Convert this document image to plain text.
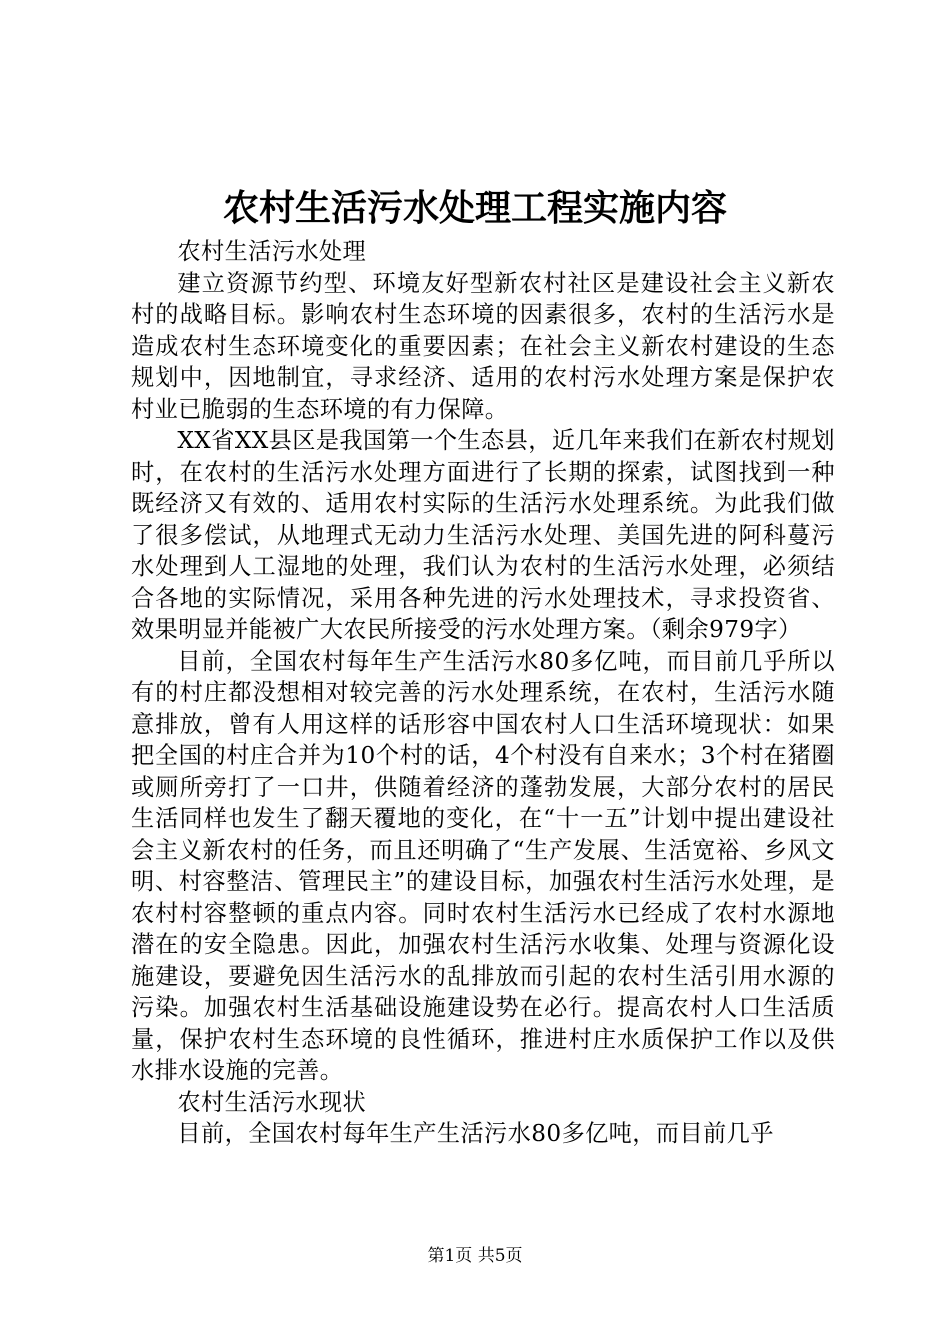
农村生活污水处理工程实施内容

农村生活污水处理

建立资源节约型、环境友好型新农村社区是建设社会主义新农村的战略目标。影响农村生态环境的因素很多，农村的生活污水是造成农村生态环境变化的重要因素；在社会主义新农村建设的生态规划中，因地制宜，寻求经济、适用的农村污水处理方案是保护农村业已脆弱的生态环境的有力保障。

XX省XX县区是我国第一个生态县，近几年来我们在新农村规划时，在农村的生活污水处理方面进行了长期的探索，试图找到一种既经济又有效的、适用农村实际的生活污水处理系统。为此我们做了很多偿试，从地理式无动力生活污水处理、美国先进的阿科蔓污水处理到人工湿地的处理，我们认为农村的生活污水处理，必须结合各地的实际情况，采用各种先进的污水处理技术，寻求投资省、效果明显并能被广大农民所接受的污水处理方案。（剩余979字）

目前，全国农村每年生产生活污水80多亿吨，而目前几乎所以有的村庄都没想相对较完善的污水处理系统，在农村，生活污水随意排放，曾有人用这样的话形容中国农村人口生活环境现状：如果把全国的村庄合并为10个村的话，4个村没有自来水；3个村在猪圈或厕所旁打了一口井，供随着经济的蓬勃发展，大部分农村的居民生活同样也发生了翻天覆地的变化，在“十一五”计划中提出建设社会主义新农村的任务，而且还明确了“生产发展、生活宽裕、乡风文明、村容整洁、管理民主”的建设目标，加强农村生活污水处理，是农村村容整顿的重点内容。同时农村生活污水已经成了农村水源地潜在的安全隐患。因此，加强农村生活污水收集、处理与资源化设施建设，要避免因生活污水的乱排放而引起的农村生活引用水源的污染。加强农村生活基础设施建设势在必行。提高农村人口生活质量，保护农村生态环境的良性循环，推进村庄水质保护工作以及供水排水设施的完善。

农村生活污水现状

目前，全国农村每年生产生活污水80多亿吨，而目前几乎

第1页 共5页
